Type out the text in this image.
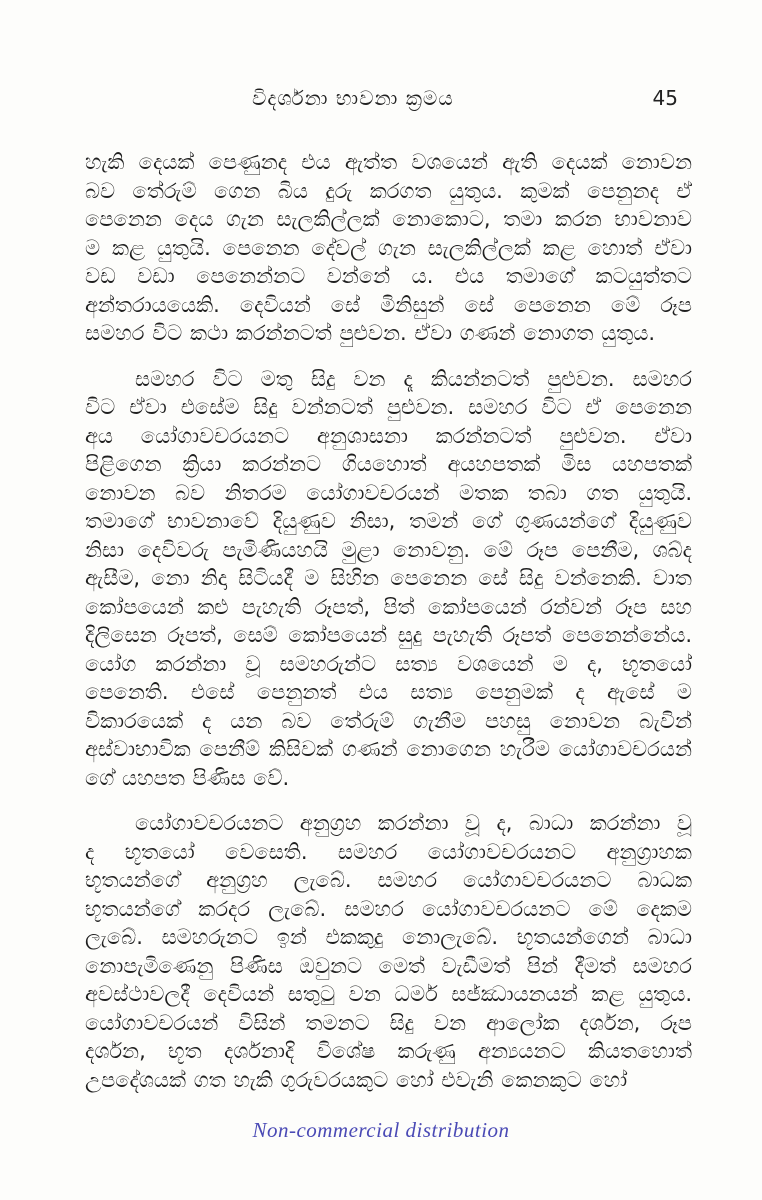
විදර්ශනා භාවනා ක්‍රමය	45

හැකි දෙයක් පෙණුනද එය ඇත්ත වශයෙන් ඇති දෙයක් නොවන
බව තේරුම් ගෙන බිය දුරු කරගත යුතුය. කුමක් පෙනුනද ඒ
පෙනෙන දෙය ගැන සැලකිල්ලක් නොකොට, තමා කරන භාවනාව
ම කළ යුතුයි. පෙනෙන දේවල් ගැන සැලකිල්ලක් කළ හොත් ඒවා
වඩ වඩා පෙනෙන්නට වන්නේ ය. එය තමාගේ කටයුත්තට
අන්තරායයෙකි. දෙවියන් සේ මිනිසුන් සේ පෙනෙන මේ රූප
සමහර විට කථා කරන්නටත් පුළුවන. ඒවා ගණන් නොගත යුතුය.

සමහර විට මතු සිදු වන දෑ කියන්නටත් පුළුවන. සමහර
විට ඒවා එසේම සිදු වන්නටත් පුළුවන. සමහර විට ඒ පෙනෙන
අය යෝගාවචරයනට අනුශාසනා කරන්නටත් පුළුවන. ඒවා
පිළිගෙන ක්‍රියා කරන්නට ගියහොත් අයහපතක් මිස යහපතක්
නොවන බව නිතරම යෝගාවචරයන් මතක තබා ගත යුතුයි.
තමාගේ භාවනාවේ දියුණුව නිසා, තමන් ගේ ගුණයන්ගේ දියුණුව
නිසා දෙවිවරු පැමිණියහයි මුළා නොවනු. මේ රූප පෙනීම, ශබ්ද
ඇසීම, නො නිදා සිටියදී ම සිහින පෙනෙන සේ සිදු වන්නෙකි. වාත
කෝපයෙන් කළු පැහැති රූපත්, පිත් කෝපයෙන් රන්වන් රූප සහ
දිලිසෙන රූපත්, සෙම් කෝපයෙන් සුදු පැහැති රූපත් පෙනෙන්නේය.
යෝග කරන්නා වූ සමහරුන්ට සත්‍ය වශයෙන් ම ද, භූතයෝ
පෙනෙති. එසේ පෙනුනත් එය සත්‍ය පෙනුමක් ද ඇසේ ම
විකාරයෙක් ද යන බව තේරුම් ගැනීම පහසු නොවන බැවින්
අස්වාභාවික පෙනීම් කිසිවක් ගණන් නොගෙන හැරීම යෝගාවචරයන්
ගේ යහපත පිණිස වේ.

යෝගාවචරයනට අනුග්‍රහ කරන්නා වූ ද, බාධා කරන්නා වූ
ද භූතයෝ වෙසෙති. සමහර යෝගාවචරයනට අනුග්‍රාහක
භූතයන්ගේ අනුග්‍රහ ලැබේ. සමහර යෝගාවචරයනට බාධක
භූතයන්ගේ කරදර ලැබේ. සමහර යෝගාවචරයනට මේ දෙකම
ලැබේ. සමහරුනට ඉන් එකකුදු නොලැබේ. භූතයන්ගෙන් බාධා
නොපැමිණෙනු පිණිස ඔවුනට මෙත් වැඩීමත් පින් දීමත් සමහර
අවස්ථාවලදී දෙවියන් සතුටු වන ධර්ම සජ්ඣායනයන් කළ යුතුය.
යෝගාවචරයන් විසින් තමනට සිදු වන ආලෝක දර්ශන, රූප
දර්ශන, භූත දර්ශනාදි විශේෂ කරුණු අන්‍යයනට කියතහොත්
උපදේශයක් ගත හැකි ගුරුවරයකුට හෝ එවැනි කෙනකුට හෝ

Non-commercial distribution
